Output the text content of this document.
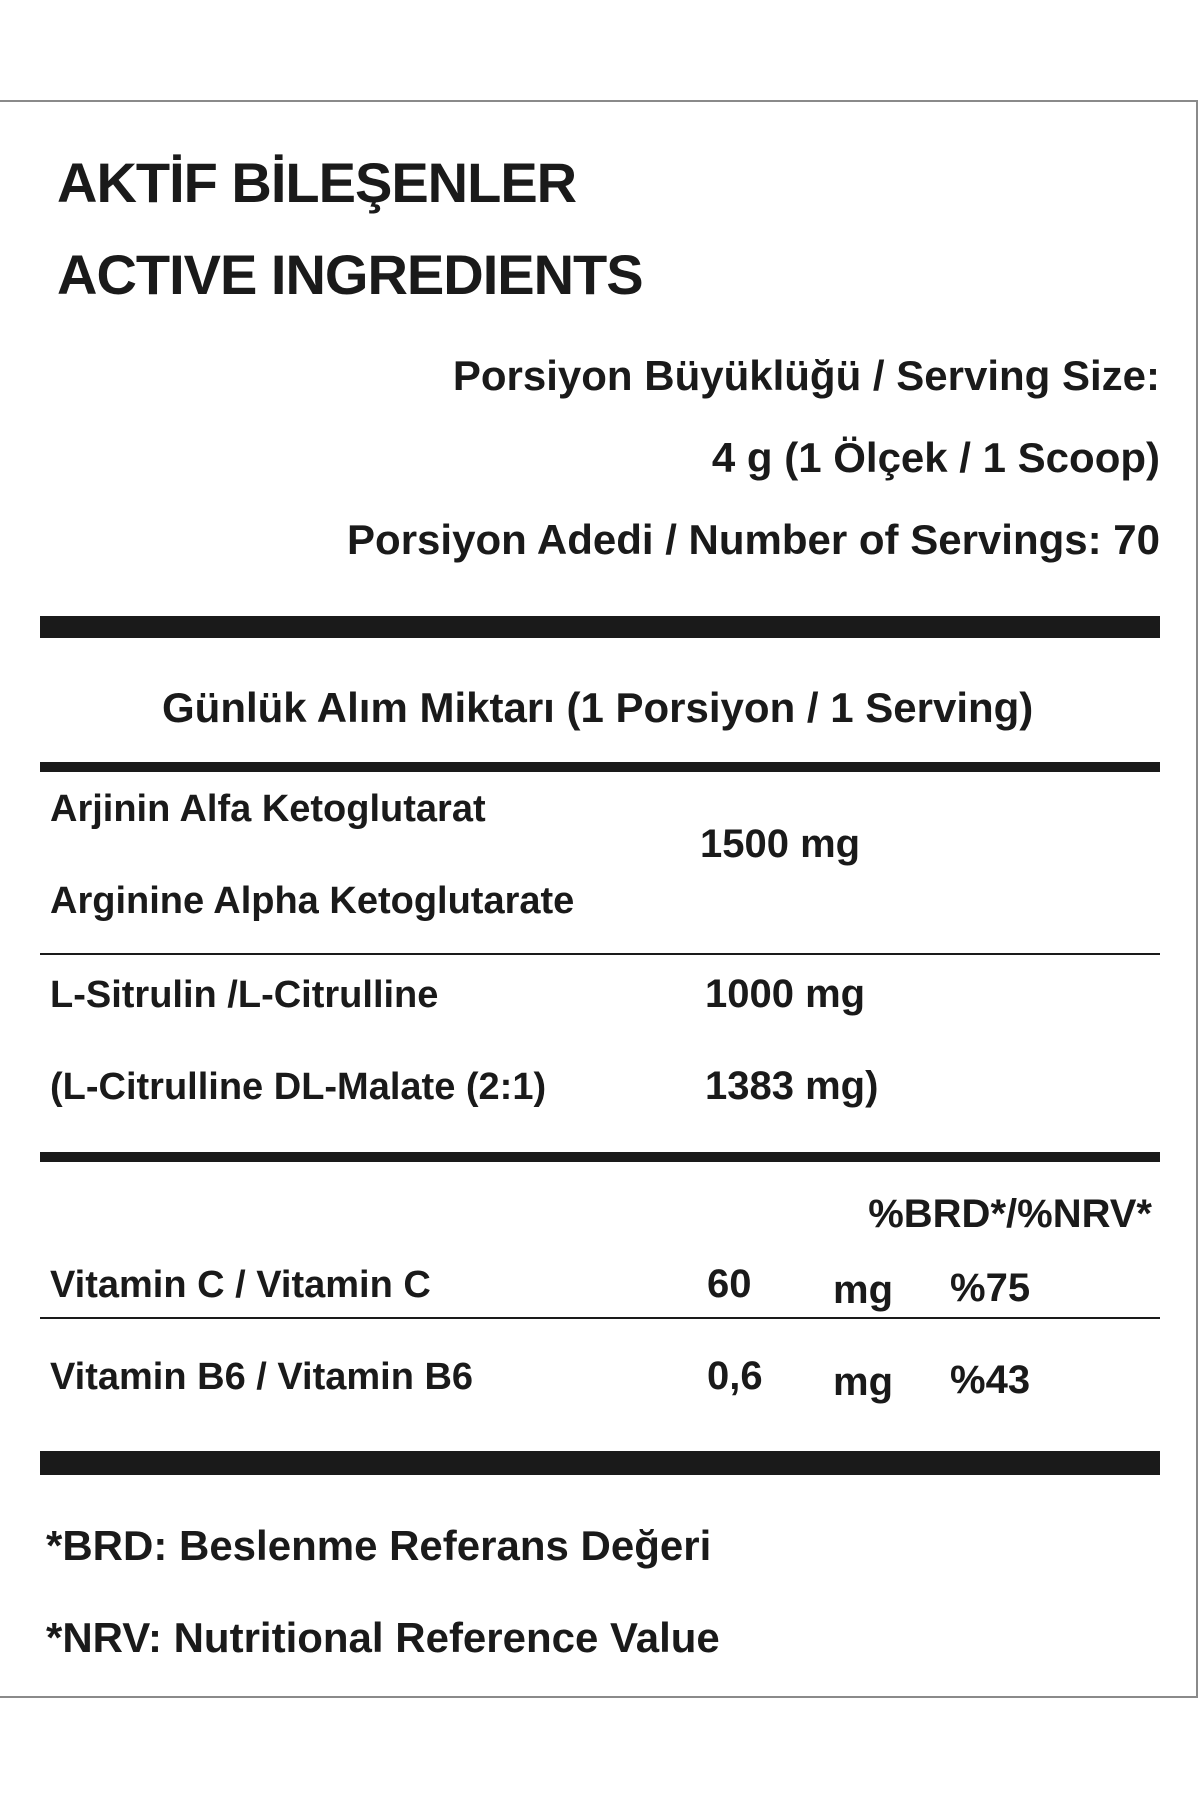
AKTİF BİLEŞENLER
ACTIVE INGREDIENTS
Porsiyon Büyüklüğü / Serving Size:
4 g (1 Ölçek / 1 Scoop)
Porsiyon Adedi / Number of Servings: 70
Günlük Alım Miktarı (1 Porsiyon / 1 Serving)
Arjinin Alfa Ketoglutarat
Arginine Alpha Ketoglutarate
1500 mg
L-Sitrulin /L-Citrulline	1000 mg
(L-Citrulline DL-Malate (2:1)	1383 mg)
%BRD*/%NRV*
Vitamin C / Vitamin C	60 mg %75
Vitamin B6 / Vitamin B6	0,6 mg %43
*BRD: Beslenme Referans Değeri
*NRV: Nutritional Reference Value
